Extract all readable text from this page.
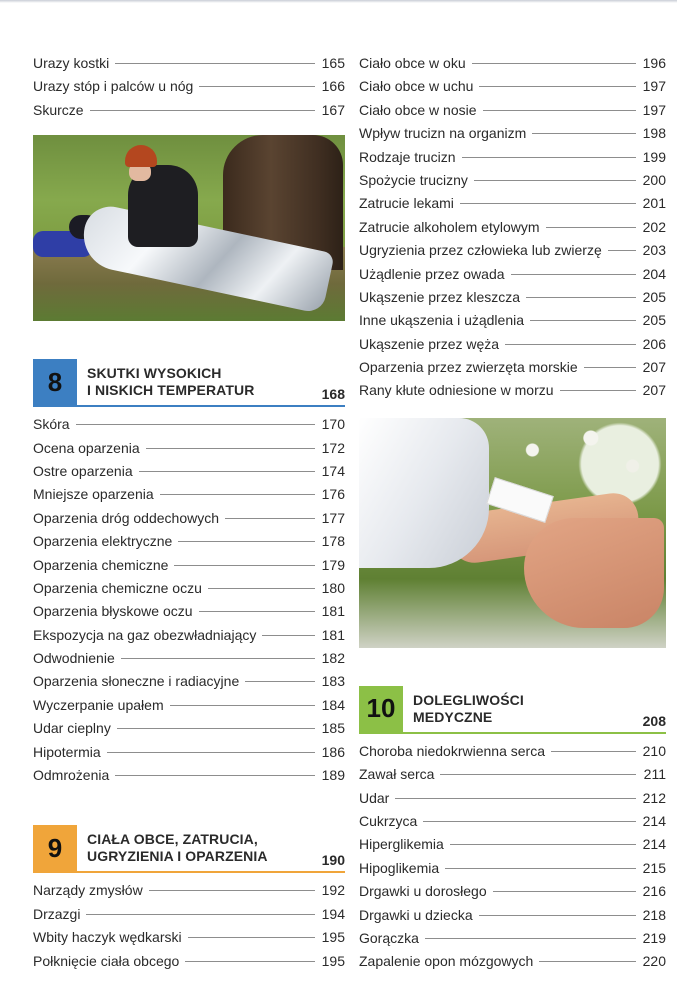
Urazy kostki	165
Urazy stóp i palców u nóg	166
Skurcze	167
8	SKUTKI WYSOKICH
I NISKICH TEMPERATUR	168
Skóra	170
Ocena oparzenia	172
Ostre oparzenia	174
Mniejsze oparzenia	176
Oparzenia dróg oddechowych	177
Oparzenia elektryczne	178
Oparzenia chemiczne	179
Oparzenia chemiczne oczu	180
Oparzenia błyskowe oczu	181
Ekspozycja na gaz obezwładniający	181
Odwodnienie	182
Oparzenia słoneczne i radiacyjne	183
Wyczerpanie upałem	184
Udar cieplny	185
Hipotermia	186
Odmrożenia	189
9	CIAŁA OBCE, ZATRUCIA,
UGRYZIENIA I OPARZENIA	190
Narządy zmysłów	192
Drzazgi	194
Wbity haczyk wędkarski	195
Połknięcie ciała obcego	195
Ciało obce w oku	196
Ciało obce w uchu	197
Ciało obce w nosie	197
Wpływ trucizn na organizm	198
Rodzaje trucizn	199
Spożycie trucizny	200
Zatrucie lekami	201
Zatrucie alkoholem etylowym	202
Ugryzienia przez człowieka lub zwierzę	203
Użądlenie przez owada	204
Ukąszenie przez kleszcza	205
Inne ukąszenia i użądlenia	205
Ukąszenie przez węża	206
Oparzenia przez zwierzęta morskie	207
Rany kłute odniesione w morzu	207
10	DOLEGLIWOŚCI
MEDYCZNE	208
Choroba niedokrwienna serca	210
Zawał serca	211
Udar	212
Cukrzyca	214
Hiperglikemia	214
Hipoglikemia	215
Drgawki u dorosłego	216
Drgawki u dziecka	218
Gorączka	219
Zapalenie opon mózgowych	220
